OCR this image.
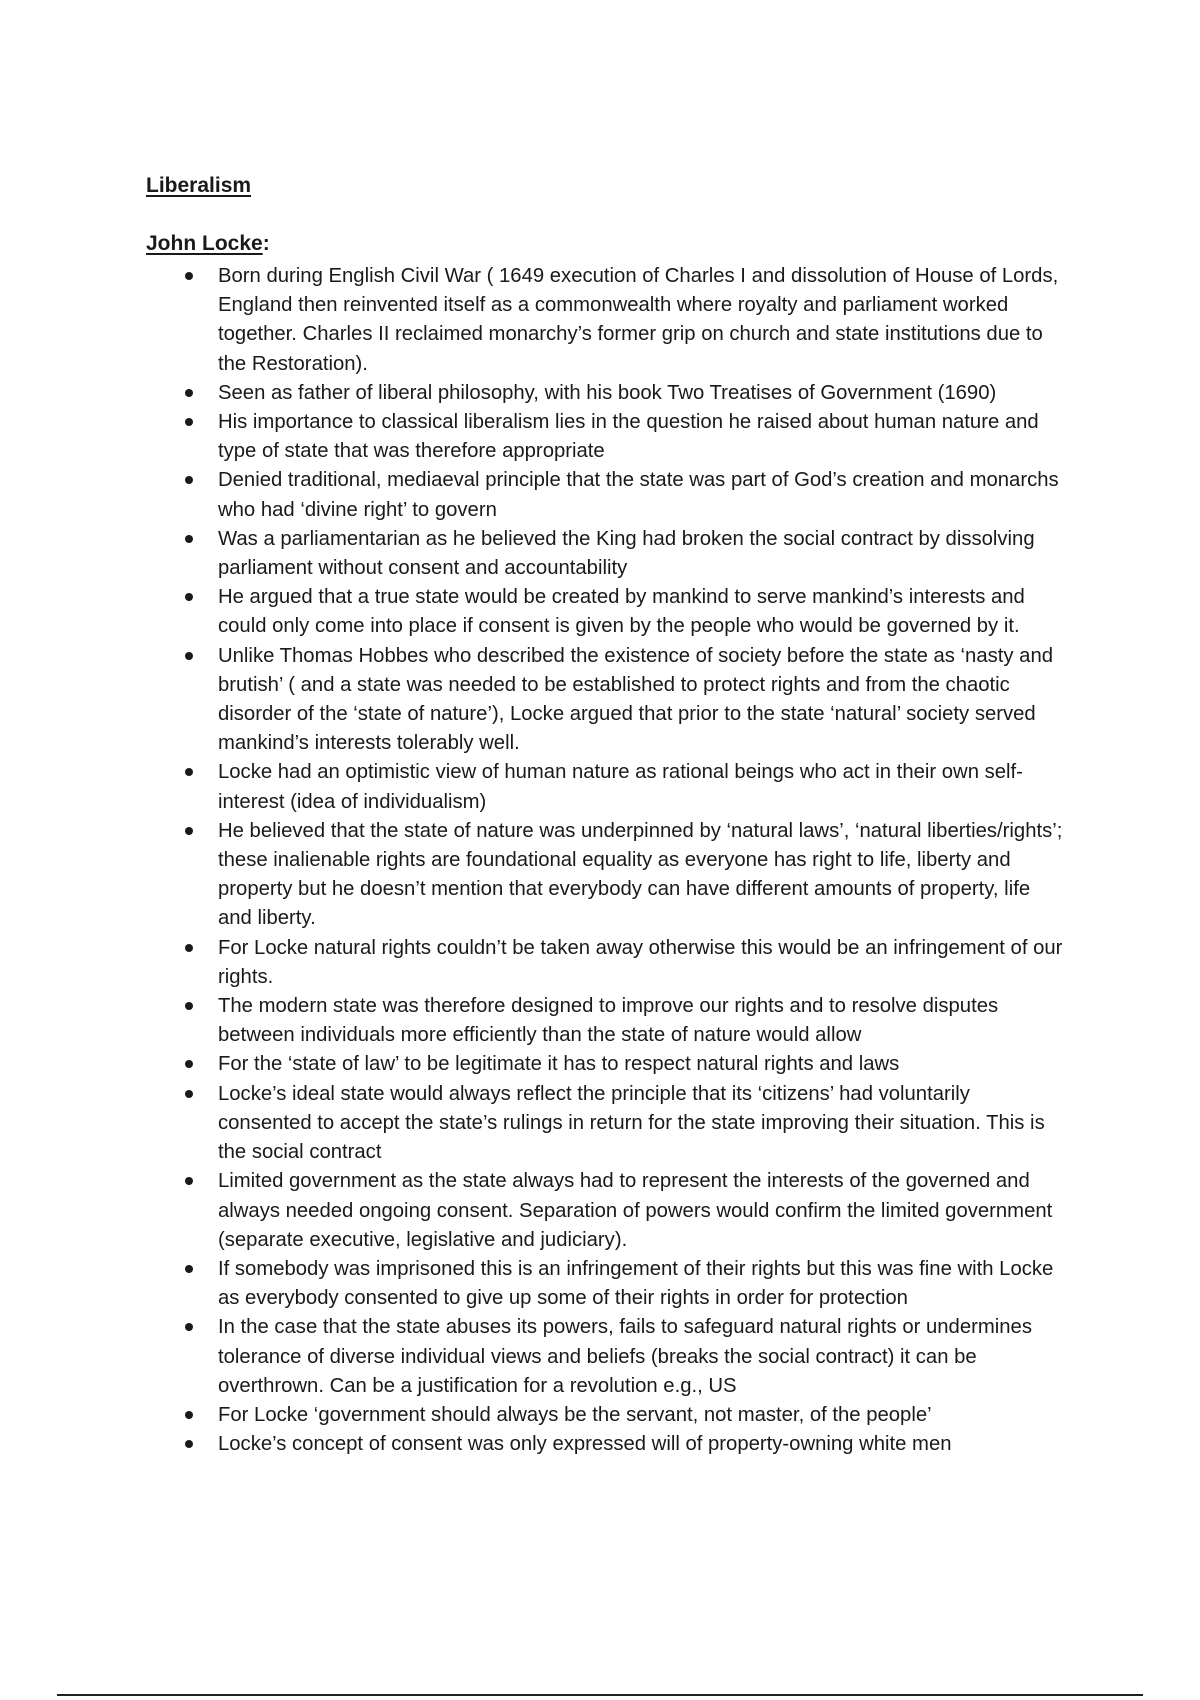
Liberalism
John Locke:
Born during English Civil War ( 1649 execution of Charles I and dissolution of House of Lords, England then reinvented itself as a commonwealth where royalty and parliament worked together. Charles II reclaimed monarchy’s former grip on church and state institutions due to the Restoration).
Seen as father of liberal philosophy, with his book Two Treatises of Government (1690)
His importance to classical liberalism lies in the question he raised about human nature and type of state that was therefore appropriate
Denied traditional, mediaeval principle that the state was part of God’s creation and monarchs who had ‘divine right’ to govern
Was a parliamentarian as he believed the King had broken the social contract by dissolving parliament without consent and accountability
He argued that a true state would be created by mankind to serve mankind’s interests and could only come into place if consent is given by the people who would be governed by it.
Unlike Thomas Hobbes who described the existence of society before the state as ‘nasty and brutish’ ( and a state was needed to be established to protect rights and from the chaotic disorder of the ‘state of nature’), Locke argued that prior to the state ‘natural’ society served mankind’s interests tolerably well.
Locke had an optimistic view of human nature as rational beings who act in their own self-interest (idea of individualism)
He believed that the state of nature was underpinned by ‘natural laws’, ‘natural liberties/rights’; these inalienable rights are foundational equality as everyone has right to life, liberty and property but he doesn’t mention that everybody can have different amounts of property, life and liberty.
For Locke natural rights couldn’t be taken away otherwise this would be an infringement of our rights.
The modern state was therefore designed to improve our rights and to resolve disputes between individuals more efficiently than the state of nature would allow
For the ‘state of law’ to be legitimate it has to respect natural rights and laws
Locke’s ideal state would always reflect the principle that its ‘citizens’ had voluntarily consented to accept the state’s rulings in return for the state improving their situation. This is the social contract
Limited government as the state always had to represent the interests of the governed and always needed ongoing consent. Separation of powers would confirm the limited government (separate executive, legislative and judiciary).
If somebody was imprisoned this is an infringement of their rights but this was fine with Locke as everybody consented to give up some of their rights in order for protection
In the case that the state abuses its powers, fails to safeguard natural rights or undermines tolerance of diverse individual views and beliefs (breaks the social contract) it can be overthrown. Can be a justification for a revolution e.g., US
For Locke ‘government should always be the servant, not master, of the people’
Locke’s concept of consent was only expressed will of property-owning white men
